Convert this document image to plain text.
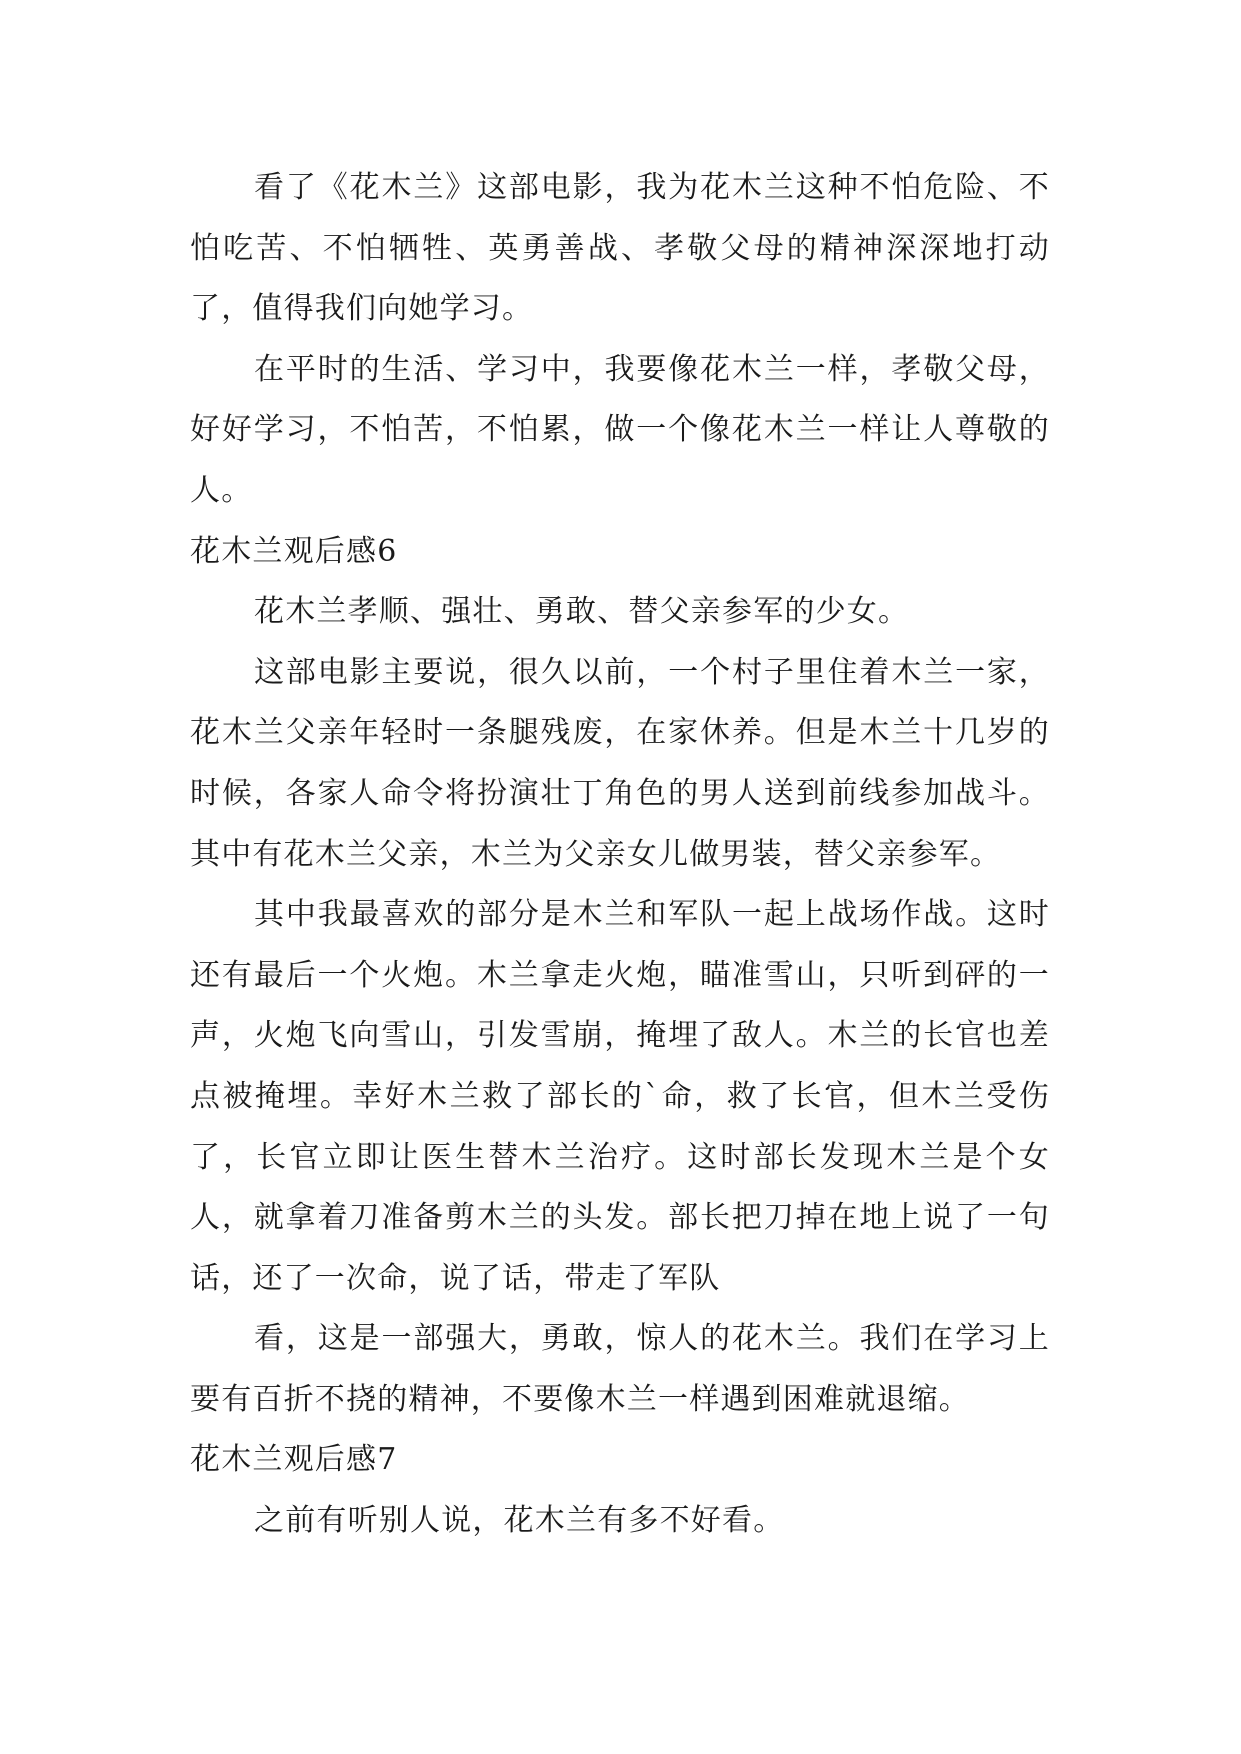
看了《花木兰》这部电影，我为花木兰这种不怕危险、不怕吃苦、不怕牺牲、英勇善战、孝敬父母的精神深深地打动了，值得我们向她学习。

在平时的生活、学习中，我要像花木兰一样，孝敬父母，好好学习，不怕苦，不怕累，做一个像花木兰一样让人尊敬的人。

花木兰观后感6

花木兰孝顺、强壮、勇敢、替父亲参军的少女。

这部电影主要说，很久以前，一个村子里住着木兰一家，花木兰父亲年轻时一条腿残废，在家休养。但是木兰十几岁的时候，各家人命令将扮演壮丁角色的男人送到前线参加战斗。其中有花木兰父亲，木兰为父亲女儿做男装，替父亲参军。

其中我最喜欢的部分是木兰和军队一起上战场作战。这时还有最后一个火炮。木兰拿走火炮，瞄准雪山，只听到砰的一声，火炮飞向雪山，引发雪崩，掩埋了敌人。木兰的长官也差点被掩埋。幸好木兰救了部长的`命，救了长官，但木兰受伤了，长官立即让医生替木兰治疗。这时部长发现木兰是个女人，就拿着刀准备剪木兰的头发。部长把刀掉在地上说了一句话，还了一次命，说了话，带走了军队

看，这是一部强大，勇敢，惊人的花木兰。我们在学习上要有百折不挠的精神，不要像木兰一样遇到困难就退缩。

花木兰观后感7

之前有听别人说，花木兰有多不好看。
